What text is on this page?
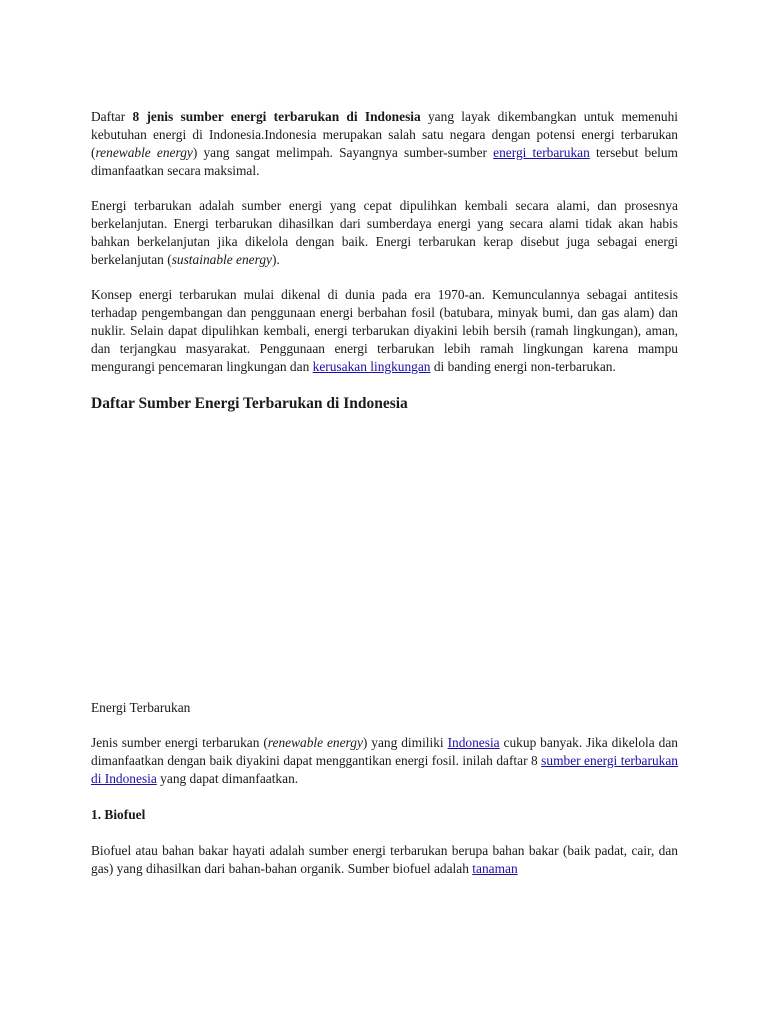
Daftar 8 jenis sumber energi terbarukan di Indonesia yang layak dikembangkan untuk memenuhi kebutuhan energi di Indonesia.Indonesia merupakan salah satu negara dengan potensi energi terbarukan (renewable energy) yang sangat melimpah. Sayangnya sumber-sumber energi terbarukan tersebut belum dimanfaatkan secara maksimal.

Energi terbarukan adalah sumber energi yang cepat dipulihkan kembali secara alami, dan prosesnya berkelanjutan. Energi terbarukan dihasilkan dari sumberdaya energi yang secara alami tidak akan habis bahkan berkelanjutan jika dikelola dengan baik. Energi terbarukan kerap disebut juga sebagai energi berkelanjutan (sustainable energy).

Konsep energi terbarukan mulai dikenal di dunia pada era 1970-an. Kemunculannya sebagai antitesis terhadap pengembangan dan penggunaan energi berbahan fosil (batubara, minyak bumi, dan gas alam) dan nuklir. Selain dapat dipulihkan kembali, energi terbarukan diyakini lebih bersih (ramah lingkungan), aman, dan terjangkau masyarakat. Penggunaan energi terbarukan lebih ramah lingkungan karena mampu mengurangi pencemaran lingkungan dan kerusakan lingkungan di banding energi non-terbarukan.

Daftar Sumber Energi Terbarukan di Indonesia

Energi Terbarukan

Jenis sumber energi terbarukan (renewable energy) yang dimiliki Indonesia cukup banyak. Jika dikelola dan dimanfaatkan dengan baik diyakini dapat menggantikan energi fosil. inilah daftar 8 sumber energi terbarukan di Indonesia yang dapat dimanfaatkan.

1. Biofuel

Biofuel atau bahan bakar hayati adalah sumber energi terbarukan berupa bahan bakar (baik padat, cair, dan gas) yang dihasilkan dari bahan-bahan organik. Sumber biofuel adalah tanaman
